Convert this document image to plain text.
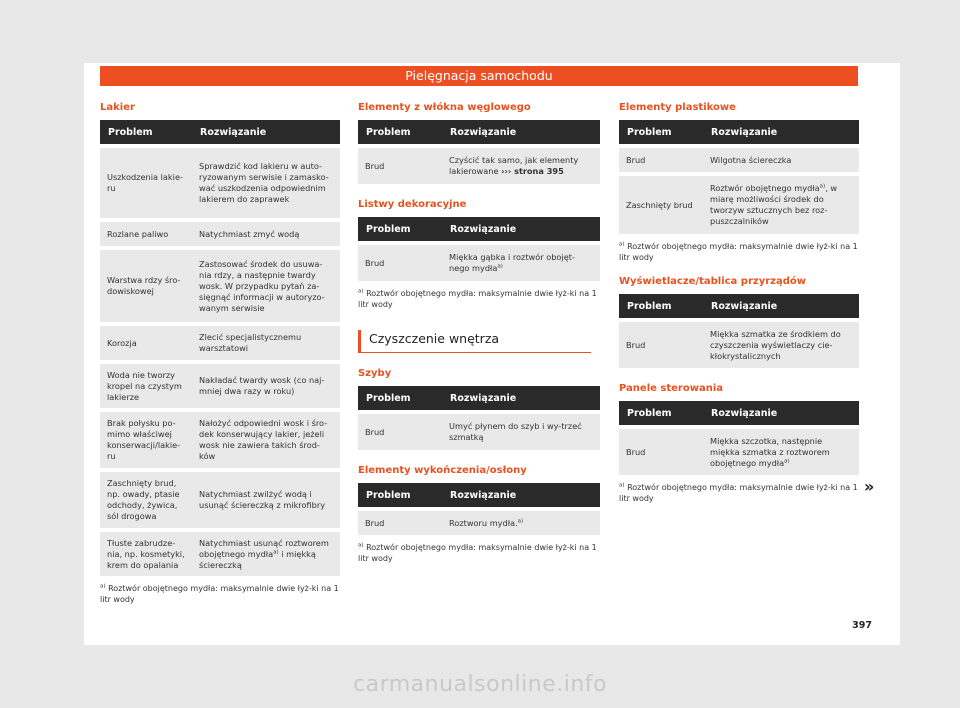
Pielęgnacja samochodu
Lakier
Problem	Rozwiązanie
Uszkodzenia lakie-ru	Sprawdzić kod lakieru w auto-ryzowanym serwisie i zamasko-wać uszkodzenia odpowiednim lakierem do zaprawek
Rozlane paliwo	Natychmiast zmyć wodą
Warstwa rdzy śro-dowiskowej	Zastosować środek do usuwa-nia rdzy, a następnie twardy wosk. W przypadku pytań za-sięgnąć informacji w autoryzo-wanym serwisie
Korozja	Zlecić specjalistycznemu warsztatowi
Woda nie tworzy kropel na czystym lakierze	Nakładać twardy wosk (co naj-mniej dwa razy w roku)
Brak połysku po-mimo właściwej konserwacji/lakie-ru	Nałożyć odpowiedni wosk i śro-dek konserwujący lakier, jeżeli wosk nie zawiera takich środ-ków
Zaschnięty brud, np. owady, ptasie odchody, żywica, sól drogowa	Natychmiast zwilżyć wodą i usunąć ściereczką z mikrofibry
Tłuste zabrudze-nia, np. kosmetyki, krem do opalania	Natychmiast usunąć roztworem obojętnego mydła$^{a)}$ i miękką ściereczką
$^{a)}$ Roztwór obojętnego mydła: maksymalnie dwie łyż-ki na 1 litr wody
Elementy z włókna węglowego
Problem	Rozwiązanie
Brud	Czyścić tak samo, jak elementy lakierowane ››› strona 395
Listwy dekoracyjne
Problem	Rozwiązanie
Brud	Miękka gąbka i roztwór obojęt-nego mydła$^{a)}$
$^{a)}$ Roztwór obojętnego mydła: maksymalnie dwie łyż-ki na 1 litr wody
Czyszczenie wnętrza
Szyby
Problem	Rozwiązanie
Brud	Umyć płynem do szyb i wy-trzeć szmatką
Elementy wykończenia/osłony
Problem	Rozwiązanie
Brud	Roztworu mydła.$^{a)}$
$^{a)}$ Roztwór obojętnego mydła: maksymalnie dwie łyż-ki na 1 litr wody
Elementy plastikowe
Problem	Rozwiązanie
Brud	Wilgotna ściereczka
Zaschnięty brud	Roztwór obojętnego mydła$^{a)}$, w miarę możliwości środek do tworzyw sztucznych bez roz-puszczalników
$^{a)}$ Roztwór obojętnego mydła: maksymalnie dwie łyż-ki na 1 litr wody
Wyświetlacze/tablica przyrządów
Problem	Rozwiązanie
Brud	Miękka szmatka ze środkiem do czyszczenia wyświetlaczy cie-kłokrystalicznych
Panele sterowania
Problem	Rozwiązanie
Brud	Miękka szczotka, następnie miękka szmatka z roztworem obojętnego mydła$^{a)}$
$^{a)}$ Roztwór obojętnego mydła: maksymalnie dwie łyż-ki na 1 litr wody
»
397
carmanualsonline.info
